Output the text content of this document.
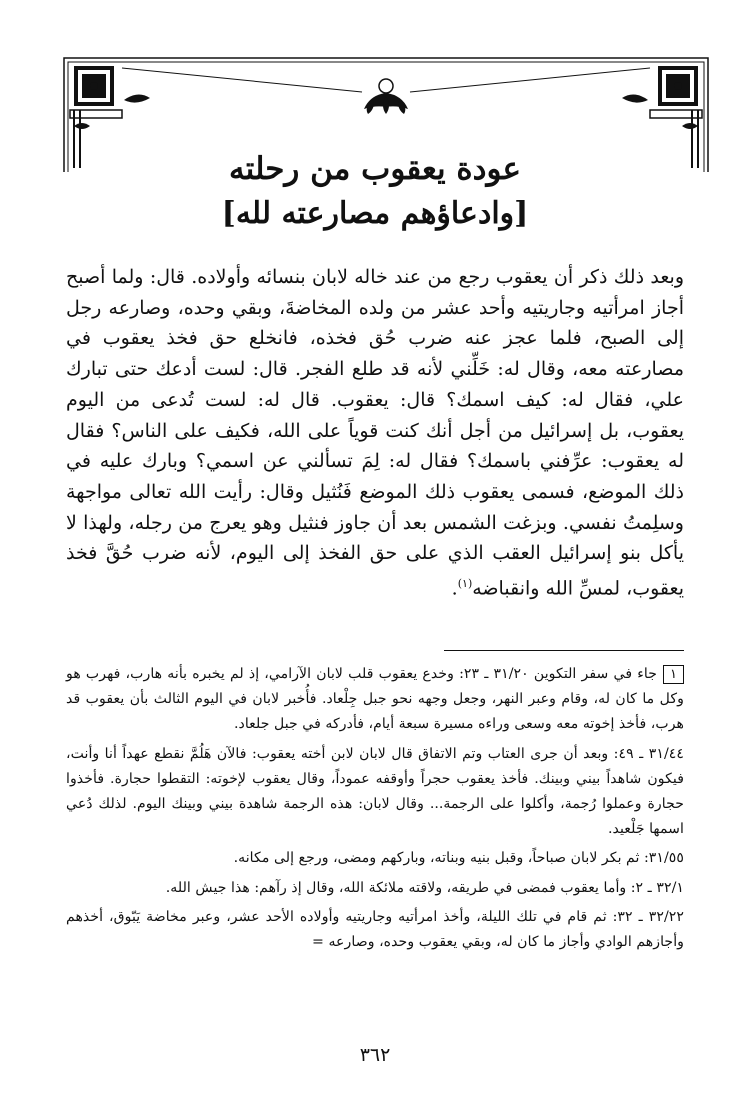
عودة يعقوب من رحلته
[وادعاؤهم مصارعته لله]

وبعد ذلك ذكر أن يعقوب رجع من عند خاله لابان بنسائه وأولاده. قال: ولما أصبح أجاز امرأتيه وجاريتيه وأحد عشر من ولده المخاضةَ، وبقي وحده، وصارعه رجل إلى الصبح، فلما عجز عنه ضرب حُق فخذه، فانخلع حق فخذ يعقوب في مصارعته معه، وقال له: خَلِّني لأنه قد طلع الفجر. قال: لست أدعك حتى تبارك علي، فقال له: كيف اسمك؟ قال: يعقوب. قال له: لست تُدعى من اليوم يعقوب، بل إسرائيل من أجل أنك كنت قوياً على الله، فكيف على الناس؟ فقال له يعقوب: عرِّفني باسمك؟ فقال له: لِمَ تسألني عن اسمي؟ وبارك عليه في ذلك الموضع، فسمى يعقوب ذلك الموضع فَنُثيل وقال: رأيت الله تعالى مواجهة وسلِمتُ نفسي. وبزغت الشمس بعد أن جاوز فنثيل وهو يعرج من رجله، ولهذا لا يأكل بنو إسرائيل العقب الذي على حق الفخذ إلى اليوم، لأنه ضرب حُقَّ فخذ يعقوب، لمسِّ الله وانقباضه$^{(١)}$.

١جاء في سفر التكوين ٣١/٢٠ ـ ٢٣: وخدع يعقوب قلب لابان الآرامي، إذ لم يخبره بأنه هارب، فهرب هو وكل ما كان له، وقام وعبر النهر، وجعل وجهه نحو جبل جِلْعاد. فأُخبر لابان في اليوم الثالث بأن يعقوب قد هرب، فأخذ إخوته معه وسعى وراءه مسيرة سبعة أيام، فأدركه في جبل جلعاد.

٣١/٤٤ ـ ٤٩: وبعد أن جرى العتاب وتم الاتفاق قال لابان لابن أخته يعقوب: فالآن هَلُمَّ نقطع عهداً أنا وأنت، فيكون شاهداً بيني وبينك. فأخذ يعقوب حجراً وأوقفه عموداً، وقال يعقوب لإخوته: التقطوا حجارة. فأخذوا حجارة وعملوا رُجمة، وأكلوا على الرجمة... وقال لابان: هذه الرجمة شاهدة بيني وبينك اليوم. لذلك دُعي اسمها جَلْعيد.

٣١/٥٥: ثم بكر لابان صباحاً، وقبل بنيه وبناته، وباركهم ومضى، ورجع إلى مكانه.

٣٢/١ ـ ٢: وأما يعقوب فمضى في طريقه، ولاقته ملائكة الله، وقال إذ رآهم: هذا جيش الله.

٣٢/٢٢ ـ ٣٢: ثم قام في تلك الليلة، وأخذ امرأتيه وجاريتيه وأولاده الأحد عشر، وعبر مخاضة يَبّوق، أخذهم وأجازهم الوادي وأجاز ما كان له، وبقي يعقوب وحده، وصارعه =

٣٦٢
